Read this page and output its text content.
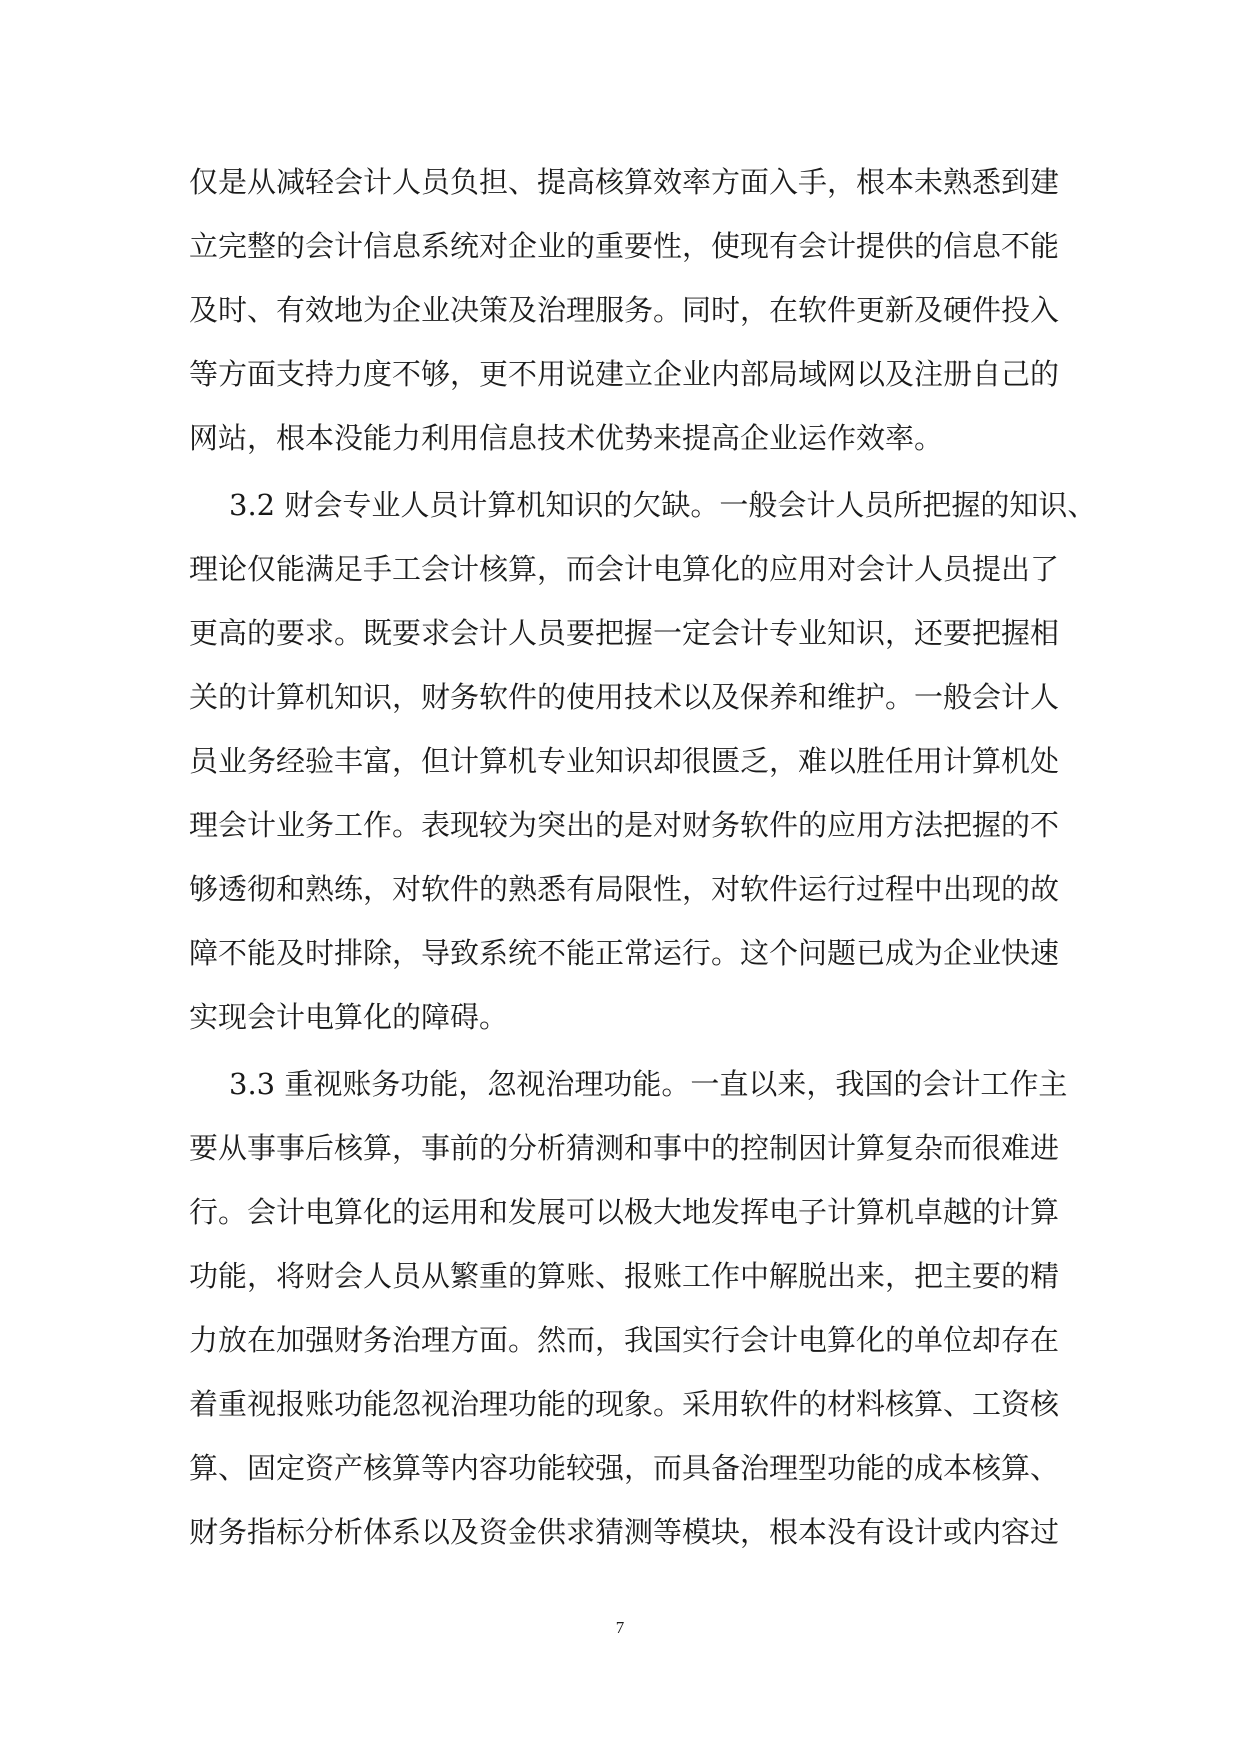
仅是从减轻会计人员负担、提高核算效率方面入手，根本未熟悉到建
立完整的会计信息系统对企业的重要性，使现有会计提供的信息不能
及时、有效地为企业决策及治理服务。同时，在软件更新及硬件投入
等方面支持力度不够，更不用说建立企业内部局域网以及注册自己的
网站，根本没能力利用信息技术优势来提高企业运作效率。
3.2 财会专业人员计算机知识的欠缺。一般会计人员所把握的知识、
理论仅能满足手工会计核算，而会计电算化的应用对会计人员提出了
更高的要求。既要求会计人员要把握一定会计专业知识，还要把握相
关的计算机知识，财务软件的使用技术以及保养和维护。一般会计人
员业务经验丰富，但计算机专业知识却很匮乏，难以胜任用计算机处
理会计业务工作。表现较为突出的是对财务软件的应用方法把握的不
够透彻和熟练，对软件的熟悉有局限性，对软件运行过程中出现的故
障不能及时排除，导致系统不能正常运行。这个问题已成为企业快速
实现会计电算化的障碍。
3.3 重视账务功能，忽视治理功能。一直以来，我国的会计工作主
要从事事后核算，事前的分析猜测和事中的控制因计算复杂而很难进
行。会计电算化的运用和发展可以极大地发挥电子计算机卓越的计算
功能，将财会人员从繁重的算账、报账工作中解脱出来，把主要的精
力放在加强财务治理方面。然而，我国实行会计电算化的单位却存在
着重视报账功能忽视治理功能的现象。采用软件的材料核算、工资核
算、固定资产核算等内容功能较强，而具备治理型功能的成本核算、
财务指标分析体系以及资金供求猜测等模块，根本没有设计或内容过
7
